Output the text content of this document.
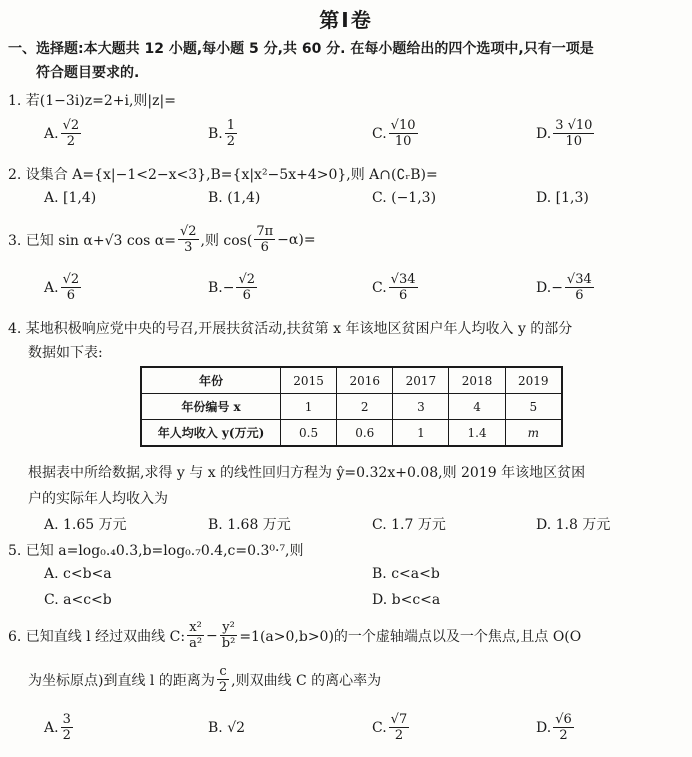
第Ⅰ卷
一、选择题:本大题共 12 小题,每小题 5 分,共 60 分. 在每小题给出的四个选项中,只有一项是
符合题目要求的.
1. 若(1−3i)z=2+i,则|z|=
A. $\frac{√2}{2}$	B. $\frac{1}{2}$	C. $\frac{√10}{10}$	D. $\frac{3 √10}{10}$
2. 设集合 A={x|−1<2−x<3},B={x|x²−5x+4>0},则 A∩(∁ᵣB)=
A. [1,4)	B. (1,4)	C. (−1,3)	D. [1,3)
3. 已知 sin α+√3 $\cos \alpha= \frac{√2}{3}$ ,则 $\cos( \frac{7\pi}{6} -\alpha)=$
A. $\frac{√2}{6}$	B. − $\frac{√2}{6}$	C. $\frac{√34}{6}$	D. − $\frac{√34}{6}$
4. 某地积极响应党中央的号召,开展扶贫活动,扶贫第 x 年该地区贫困户年人均收入 y 的部分
数据如下表:
年份	2015	2016	2017	2018	2019
年份编号 x	1	2	3	4	5
年人均收入 y(万元)	0.5	0.6	1	1.4	m
根据表中所给数据,求得 y 与 x 的线性回归方程为 ŷ=0.32x+0.08,则 2019 年该地区贫困
户的实际年人均收入为
A. 1.65 万元	B. 1.68 万元	C. 1.7 万元	D. 1.8 万元
5. 已知 a=log₀.₄0.3,b=log₀.₇0.4,c=0.3⁰·⁷,则
A. c<b<a	B. c<a<b
C. a<c<b	D. b<c<a
6. 已知直线 l 经过双曲线 C: $\frac{\text{x²}}{\text{a²}} - \frac{\text{y²}}{\text{b²}} =1(a>0,b>0)$的一个虚轴端点以及一个焦点,且点 O(O
为坐标原点)到直线 l 的距离为 $\frac{c}{2}$ ,则双曲线 C 的离心率为
A. $\frac{3}{2}$	B. √2	C. $\frac{√7}{2}$	D. $\frac{√6}{2}$
